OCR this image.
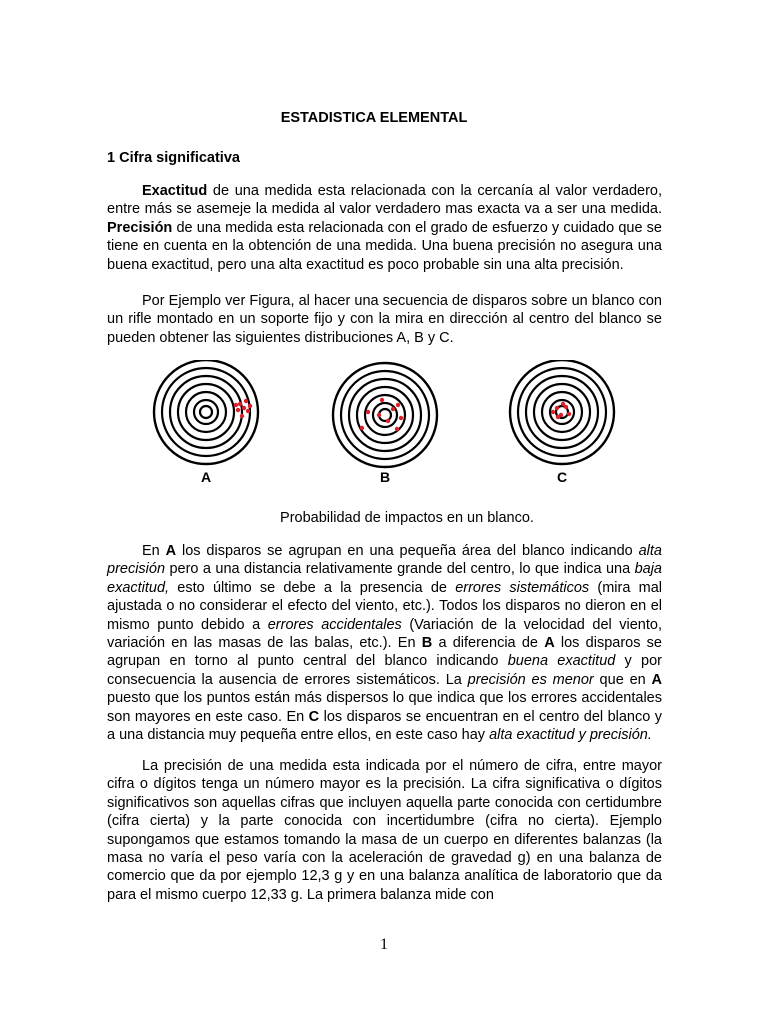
ESTADISTICA ELEMENTAL
1 Cifra significativa
Exactitud de una medida esta relacionada con la cercanía al valor verdadero, entre más se asemeje la medida al valor verdadero mas exacta va a ser una medida. Precisión de una medida esta relacionada con el grado de esfuerzo y cuidado que se tiene en cuenta en la obtención de una medida. Una buena precisión no asegura una buena exactitud, pero una alta exactitud es poco probable sin una alta precisión.
Por Ejemplo ver Figura, al hacer una secuencia de disparos sobre un blanco con un rifle montado en un soporte fijo y con la mira en dirección al centro del blanco se pueden obtener las siguientes distribuciones A, B y C.
A	B	C
Probabilidad de impactos en un blanco.
En A los disparos se agrupan en una pequeña área del blanco indicando alta precisión pero a una distancia relativamente grande del centro, lo que indica una baja exactitud, esto último se debe a la presencia de errores sistemáticos (mira mal ajustada o no considerar el efecto del viento, etc.). Todos los disparos no dieron en el mismo punto debido a errores accidentales (Variación de la velocidad del viento, variación en las masas de las balas, etc.). En B a diferencia de A los disparos se agrupan en torno al punto central del blanco indicando buena exactitud y por consecuencia la ausencia de errores sistemáticos. La precisión es menor que en A puesto que los puntos están más dispersos lo que indica que los errores accidentales son mayores en este caso. En C los disparos se encuentran en el centro del blanco y a una distancia muy pequeña entre ellos, en este caso hay alta exactitud y precisión.
La precisión de una medida esta indicada por el número de cifra, entre mayor cifra o dígitos tenga un número mayor es la precisión. La cifra significativa o dígitos significativos son aquellas cifras que incluyen aquella parte conocida con certidumbre (cifra cierta) y la parte conocida con incertidumbre (cifra no cierta). Ejemplo supongamos que estamos tomando la masa de un cuerpo en diferentes balanzas (la masa no varía el peso varía con la aceleración de gravedad g) en una balanza de comercio que da por ejemplo 12,3 g y en una balanza analítica de laboratorio que da para el mismo cuerpo 12,33 g. La primera balanza mide con
1
